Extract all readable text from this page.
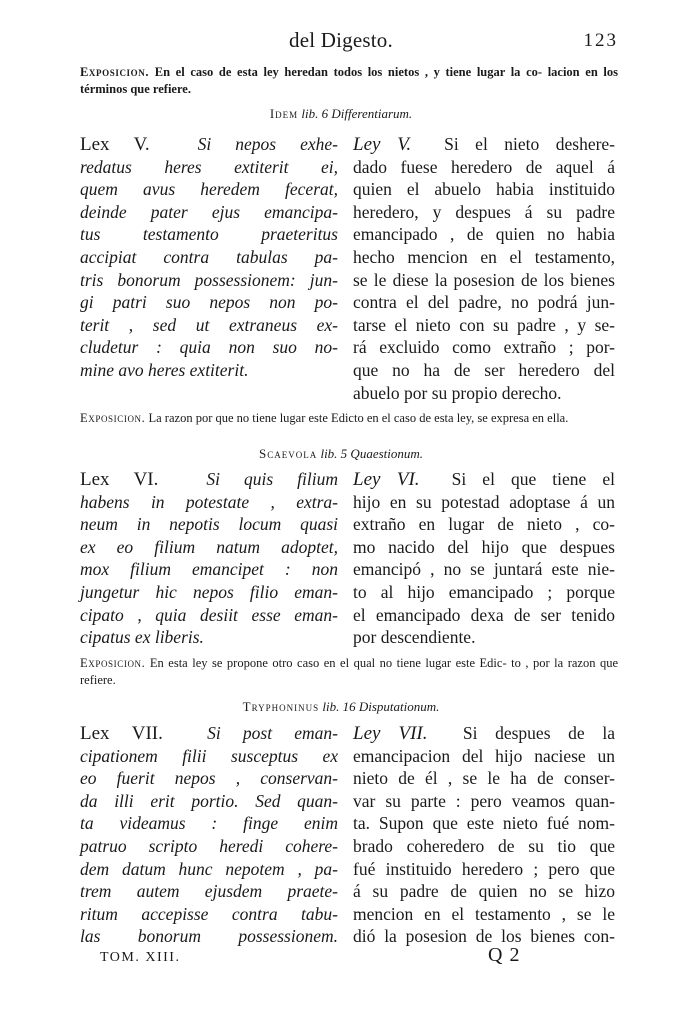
del Digesto.	123
Exposicion. En el caso de esta ley heredan todos los nietos , y tiene lugar la co- lacion en los términos que refiere.
Idem lib. 6 Differentiarum.
Lex V.	Si nepos exhe-
redatus heres extiterit ei,
quem avus heredem fecerat,
deinde pater ejus emancipa-
tus testamento praeteritus
accipiat contra tabulas pa-
tris bonorum possessionem: jun-
gi patri suo nepos non po-
terit , sed ut extraneus ex-
cludetur : quia non suo no-
mine avo heres extiterit.
Ley V. Si el nieto deshere-
dado fuese heredero de aquel á
quien el abuelo habia instituido
heredero, y despues á su padre
emancipado , de quien no habia
hecho mencion en el testamento,
se le diese la posesion de los bienes
contra el del padre, no podrá jun-
tarse el nieto con su padre , y se-
rá excluido como extraño ; por-
que no ha de ser heredero del
abuelo por su propio derecho.
Exposicion. La razon por que no tiene lugar este Edicto en el caso de esta ley, se expresa en ella.
Scaevola lib. 5 Quaestionum.
Lex VI.	Si quis filium
habens in potestate , extra-
neum in nepotis locum quasi
ex eo filium natum adoptet,
mox filium emancipet : non
jungetur hic nepos filio eman-
cipato , quia desiit esse eman-
cipatus ex liberis.
Ley VI. Si el que tiene el
hijo en su potestad adoptase á un
extraño en lugar de nieto , co-
mo nacido del hijo que despues
emancipó , no se juntará este nie-
to al hijo emancipado ; porque
el emancipado dexa de ser tenido
por descendiente.
Exposicion. En esta ley se propone otro caso en el qual no tiene lugar este Edic- to , por la razon que refiere.
Tryphoninus lib. 16 Disputationum.
Lex VII.	Si post eman-
cipationem filii susceptus ex
eo fuerit nepos , conservan-
da illi erit portio. Sed quan-
ta videamus : finge enim
patruo scripto heredi cohere-
dem datum hunc nepotem , pa-
trem autem ejusdem praete-
ritum accepisse contra tabu-
las bonorum possessionem.
Ley VII. Si despues de la
emancipacion del hijo naciese un
nieto de él , se le ha de conser-
var su parte : pero veamos quan-
ta. Supon que este nieto fué nom-
brado coheredero de su tio que
fué instituido heredero ; pero que
á su padre de quien no se hizo
mencion en el testamento , se le
dió la posesion de los bienes con-
TOM. XIII.	Q 2
